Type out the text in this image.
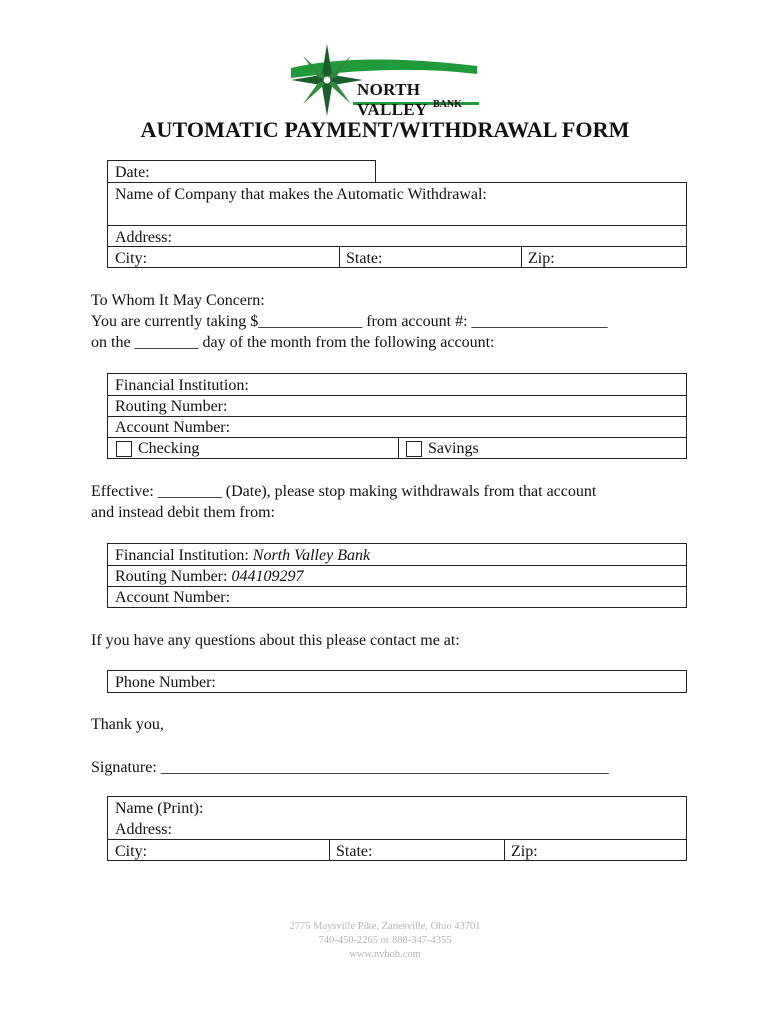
NORTH VALLEY BANK
AUTOMATIC PAYMENT/WITHDRAWAL FORM
Date:
Name of Company that makes the Automatic Withdrawal:
Address:
City:	State:	Zip:
To Whom It May Concern:
You are currently taking $_____________ from account #: _________________
on the ________ day of the month from the following account:
Financial Institution:
Routing Number:
Account Number:
Checking	Savings
Effective: ________ (Date), please stop making withdrawals from that account
and instead debit them from:
Financial Institution: North Valley Bank
Routing Number: 044109297
Account Number:
If you have any questions about this please contact me at:
Phone Number:
Thank you,
Signature: ________________________________________________________
Name (Print):
Address:
City:	State:	Zip:
2775 Maysville Pike, Zanesville, Ohio 43701
740-450-2265 or 888-347-4355
www.nvboh.com
